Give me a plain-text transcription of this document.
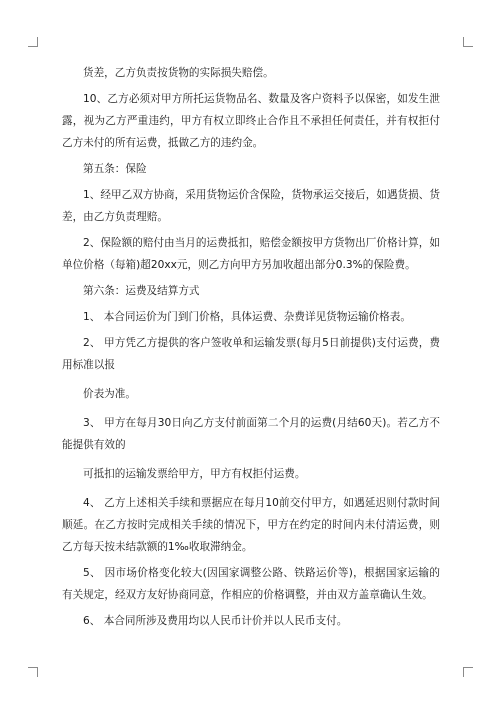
货差，乙方负责按货物的实际损失赔偿。

10、乙方必须对甲方所托运货物品名、数量及客户资料予以保密，如发生泄露，视为乙方严重违约，甲方有权立即终止合作且不承担任何责任，并有权拒付乙方未付的所有运费，抵做乙方的违约金。

第五条：保险

1、经甲乙双方协商，采用货物运价含保险，货物承运交接后，如遇货损、货差，由乙方负责理赔。

2、保险额的赔付由当月的运费抵扣，赔偿金额按甲方货物出厂价格计算，如单位价格（每箱)超20xx元，则乙方向甲方另加收超出部分0.3%的保险费。

第六条：运费及结算方式

1、 本合同运价为门到门价格，具体运费、杂费详见货物运输价格表。

2、 甲方凭乙方提供的客户签收单和运输发票(每月5日前提供)支付运费，费用标准以报

价表为准。

3、 甲方在每月30日向乙方支付前面第二个月的运费(月结60天)。若乙方不能提供有效的

可抵扣的运输发票给甲方，甲方有权拒付运费。

4、 乙方上述相关手续和票据应在每月10前交付甲方，如遇延迟则付款时间顺延。在乙方按时完成相关手续的情况下，甲方在约定的时间内未付清运费，则乙方每天按未结款额的1‰收取滞纳金。

5、 因市场价格变化较大(因国家调整公路、铁路运价等)，根据国家运输的有关规定，经双方友好协商同意，作相应的价格调整，并由双方盖章确认生效。

6、 本合同所涉及费用均以人民币计价并以人民币支付。
